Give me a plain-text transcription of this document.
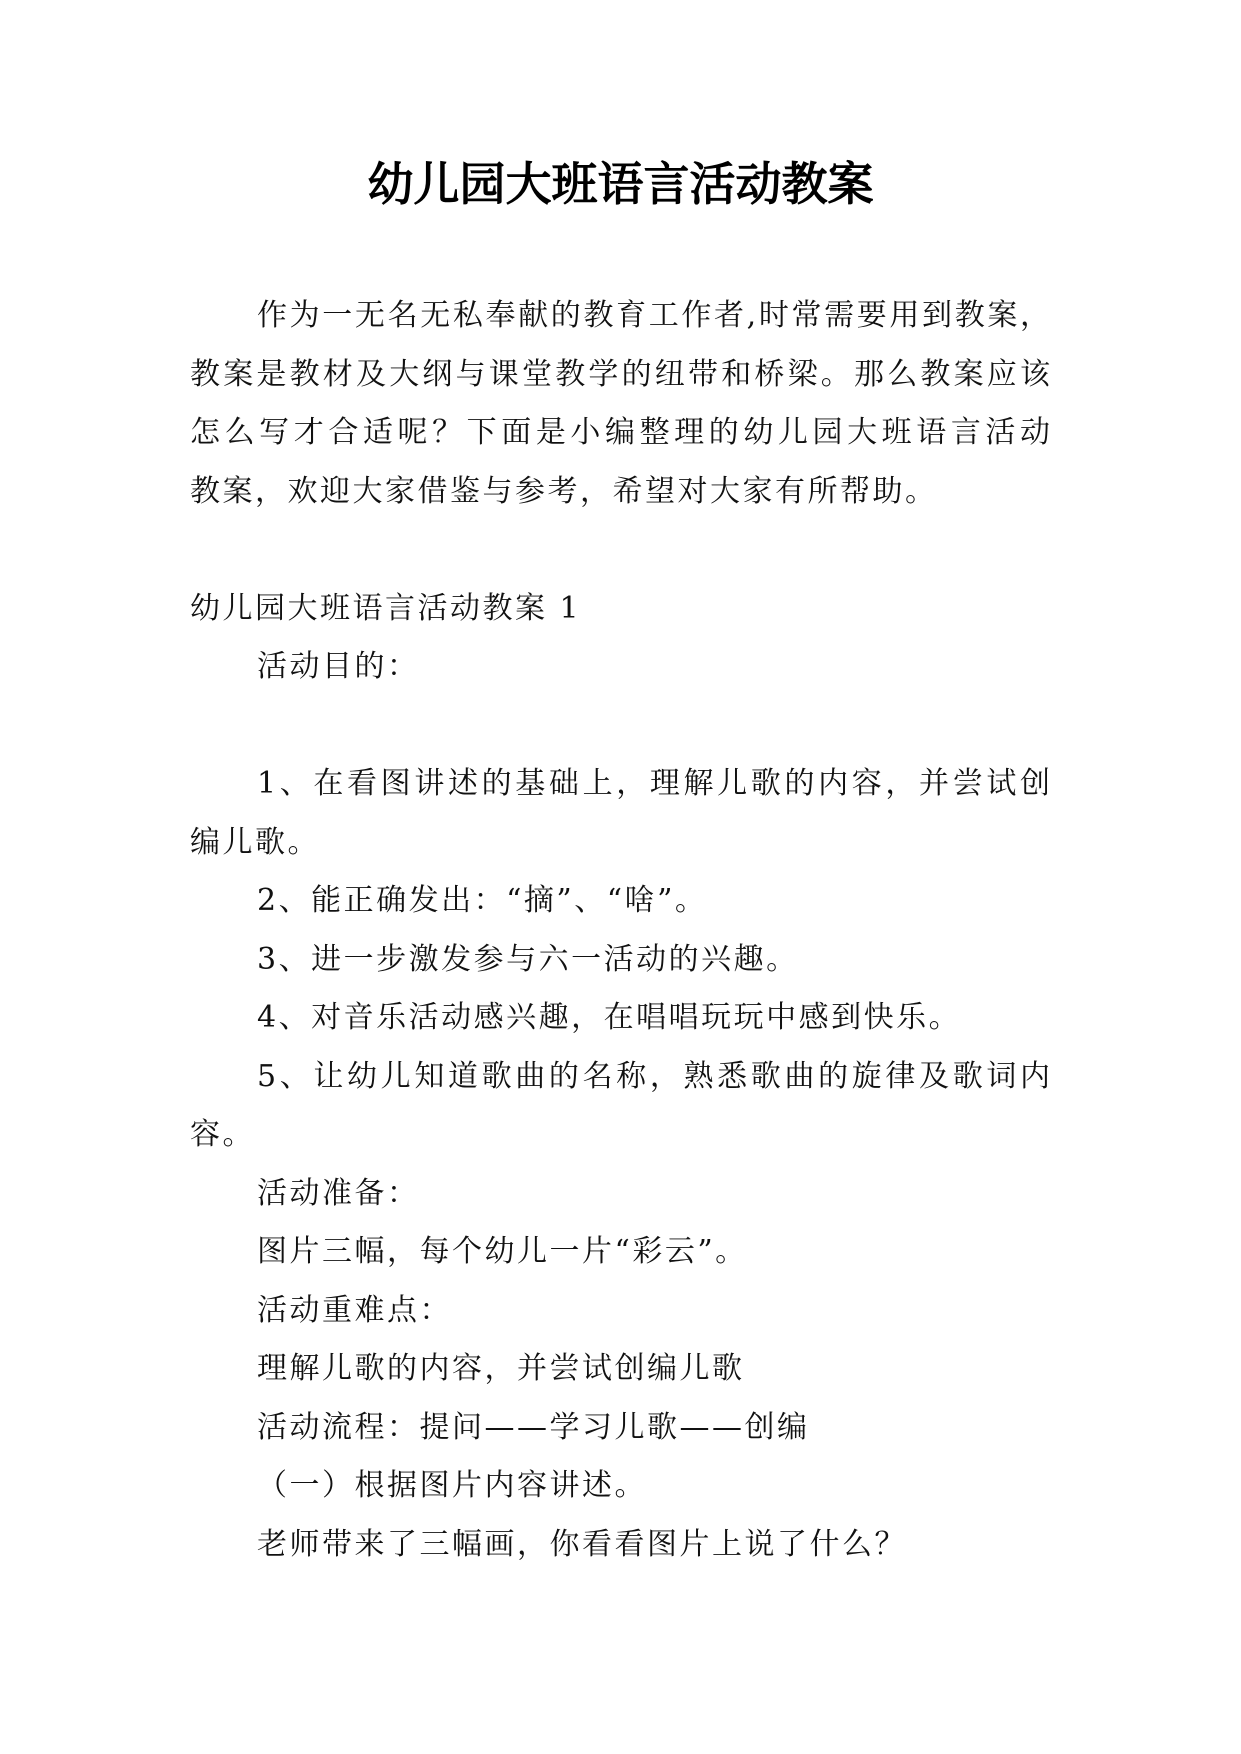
幼儿园大班语言活动教案
作为一无名无私奉献的教育工作者,时常需要用到教案，
教案是教材及大纲与课堂教学的纽带和桥梁。那么教案应该
怎么写才合适呢？下面是小编整理的幼儿园大班语言活动
教案，欢迎大家借鉴与参考，希望对大家有所帮助。
幼儿园大班语言活动教案 1
活动目的：
1、在看图讲述的基础上，理解儿歌的内容，并尝试创
编儿歌。
2、能正确发出：“摘”、“啥”。
3、进一步激发参与六一活动的兴趣。
4、对音乐活动感兴趣，在唱唱玩玩中感到快乐。
5、让幼儿知道歌曲的名称，熟悉歌曲的旋律及歌词内
容。
活动准备：
图片三幅，每个幼儿一片“彩云”。
活动重难点：
理解儿歌的内容，并尝试创编儿歌
活动流程：提问——学习儿歌——创编
（一）根据图片内容讲述。
老师带来了三幅画，你看看图片上说了什么？
